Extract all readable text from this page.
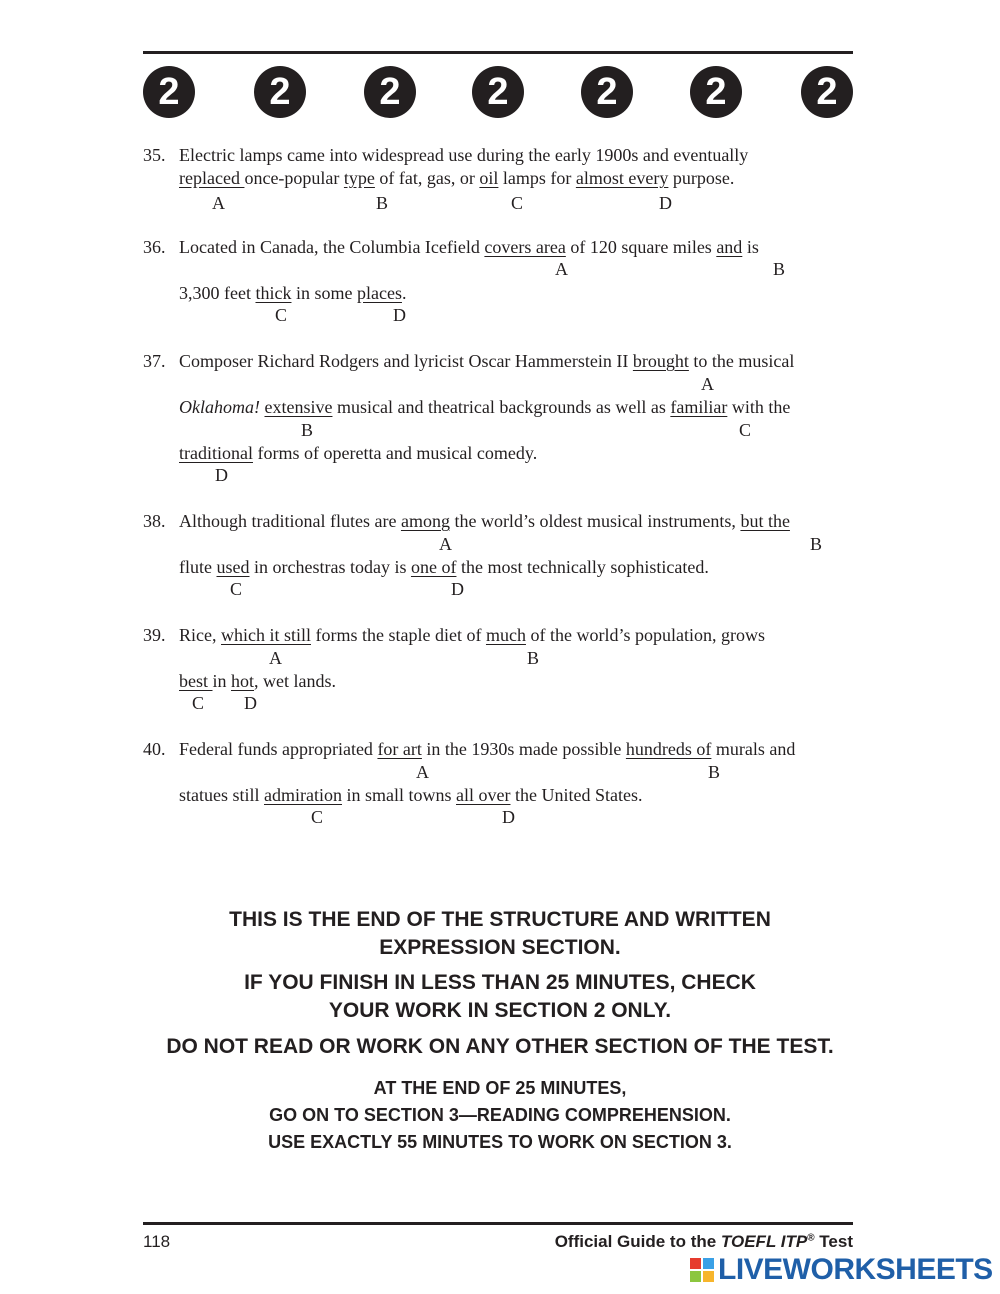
2	2	2	2	2	2	2
35. Electric lamps came into widespread use during the early 1900s and eventually
replaced once-popular type of fat, gas, or oil lamps for almost every purpose.
A	B	C	D
36. Located in Canada, the Columbia Icefield covers area of 120 square miles and is
3,300 feet thick in some places.
A	B
C	D
37. Composer Richard Rodgers and lyricist Oscar Hammerstein II brought to the musical
Oklahoma! extensive musical and theatrical backgrounds as well as familiar with the
traditional forms of operetta and musical comedy.
A
B	C
D
38. Although traditional flutes are among the world’s oldest musical instruments, but the
flute used in orchestras today is one of the most technically sophisticated.
A	B
C	D
39. Rice, which it still forms the staple diet of much of the world’s population, grows
best in hot, wet lands.
A	B
C D
40. Federal funds appropriated for art in the 1930s made possible hundreds of murals and
statues still admiration in small towns all over the United States.
A	B
C	D
THIS IS THE END OF THE STRUCTURE AND WRITTEN
EXPRESSION SECTION.
IF YOU FINISH IN LESS THAN 25 MINUTES, CHECK
YOUR WORK IN SECTION 2 ONLY.
DO NOT READ OR WORK ON ANY OTHER SECTION OF THE TEST.
AT THE END OF 25 MINUTES,
GO ON TO SECTION 3—READING COMPREHENSION.
USE EXACTLY 55 MINUTES TO WORK ON SECTION 3.
118	Official Guide to the TOEFL ITP® Test
LIVEWORKSHEETS
